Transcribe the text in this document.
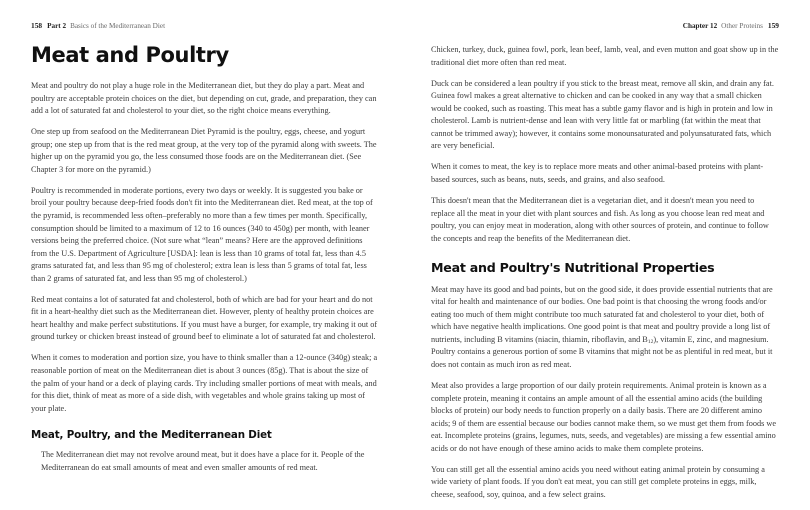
158 Part 2 Basics of the Mediterranean Diet	Chapter 12 Other Proteins 159
Meat and Poultry

Meat and poultry do not play a huge role in the Mediterranean diet, but they do play a part. Meat and poultry are acceptable protein choices on the diet, but depending on cut, grade, and preparation, they can add a lot of saturated fat and cholesterol to your diet, so the right choice means everything.

One step up from seafood on the Mediterranean Diet Pyramid is the poultry, eggs, cheese, and yogurt group; one step up from that is the red meat group, at the very top of the pyramid along with sweets. The higher up on the pyramid you go, the less consumed those foods are on the Mediterranean diet. (See Chapter 3 for more on the pyramid.)

Poultry is recommended in moderate portions, every two days or weekly. It is suggested you bake or broil your poultry because deep-fried foods don't fit into the Mediterranean diet. Red meat, at the top of the pyramid, is recommended less often–preferably no more than a few times per month. Specifically, consumption should be limited to a maximum of 12 to 16 ounces (340 to 450g) per month, with leaner versions being the preferred choice. (Not sure what “lean” means? Here are the approved definitions from the U.S. Department of Agriculture [USDA]: lean is less than 10 grams of total fat, less than 4.5 grams saturated fat, and less than 95 mg of cholesterol; extra lean is less than 5 grams of total fat, less than 2 grams of saturated fat, and less than 95 mg of cholesterol.)

Red meat contains a lot of saturated fat and cholesterol, both of which are bad for your heart and do not fit in a heart-healthy diet such as the Mediterranean diet. However, plenty of healthy protein choices are heart healthy and make perfect substitutions. If you must have a burger, for example, try making it out of ground turkey or chicken breast instead of ground beef to eliminate a lot of saturated fat and cholesterol.

When it comes to moderation and portion size, you have to think smaller than a 12-ounce (340g) steak; a reasonable portion of meat on the Mediterranean diet is about 3 ounces (85g). That is about the size of the palm of your hand or a deck of playing cards. Try including smaller portions of meat with meals, and for this diet, think of meat as more of a side dish, with vegetables and whole grains taking up most of your plate.

Meat, Poultry, and the Mediterranean Diet

The Mediterranean diet may not revolve around meat, but it does have a place for it. People of the Mediterranean do eat small amounts of meat and even smaller amounts of red meat.

Chicken, turkey, duck, guinea fowl, pork, lean beef, lamb, veal, and even mutton and goat show up in the traditional diet more often than red meat.

Duck can be considered a lean poultry if you stick to the breast meat, remove all skin, and drain any fat. Guinea fowl makes a great alternative to chicken and can be cooked in any way that a small chicken would be cooked, such as roasting. This meat has a subtle gamy flavor and is high in protein and low in cholesterol. Lamb is nutrient-dense and lean with very little fat or marbling (fat within the meat that cannot be trimmed away); however, it contains some monounsaturated and polyunsaturated fats, which are very beneficial.

When it comes to meat, the key is to replace more meats and other animal-based proteins with plant-based sources, such as beans, nuts, seeds, and grains, and also seafood.

This doesn't mean that the Mediterranean diet is a vegetarian diet, and it doesn't mean you need to replace all the meat in your diet with plant sources and fish. As long as you choose lean red meat and poultry, you can enjoy meat in moderation, along with other sources of protein, and continue to follow the concepts and reap the benefits of the Mediterranean diet.

Meat and Poultry's Nutritional Properties

Meat may have its good and bad points, but on the good side, it does provide essential nutrients that are vital for health and maintenance of our bodies. One bad point is that choosing the wrong foods and/or eating too much of them might contribute too much saturated fat and cholesterol to your diet, both of which have negative health implications. One good point is that meat and poultry provide a long list of nutrients, including B vitamins (niacin, thiamin, riboflavin, and $B_{12}$), vitamin E, zinc, and magnesium. Poultry contains a generous portion of some B vitamins that might not be as plentiful in red meat, but it does not contain as much iron as red meat.

Meat also provides a large proportion of our daily protein requirements. Animal protein is known as a complete protein, meaning it contains an ample amount of all the essential amino acids (the building blocks of protein) our body needs to function properly on a daily basis. There are 20 different amino acids; 9 of them are essential because our bodies cannot make them, so we must get them from foods we eat. Incomplete proteins (grains, legumes, nuts, seeds, and vegetables) are missing a few essential amino acids or do not have enough of these amino acids to make them complete proteins.

You can still get all the essential amino acids you need without eating animal protein by consuming a wide variety of plant foods. If you don't eat meat, you can still get complete proteins in eggs, milk, cheese, seafood, soy, quinoa, and a few select grains.
